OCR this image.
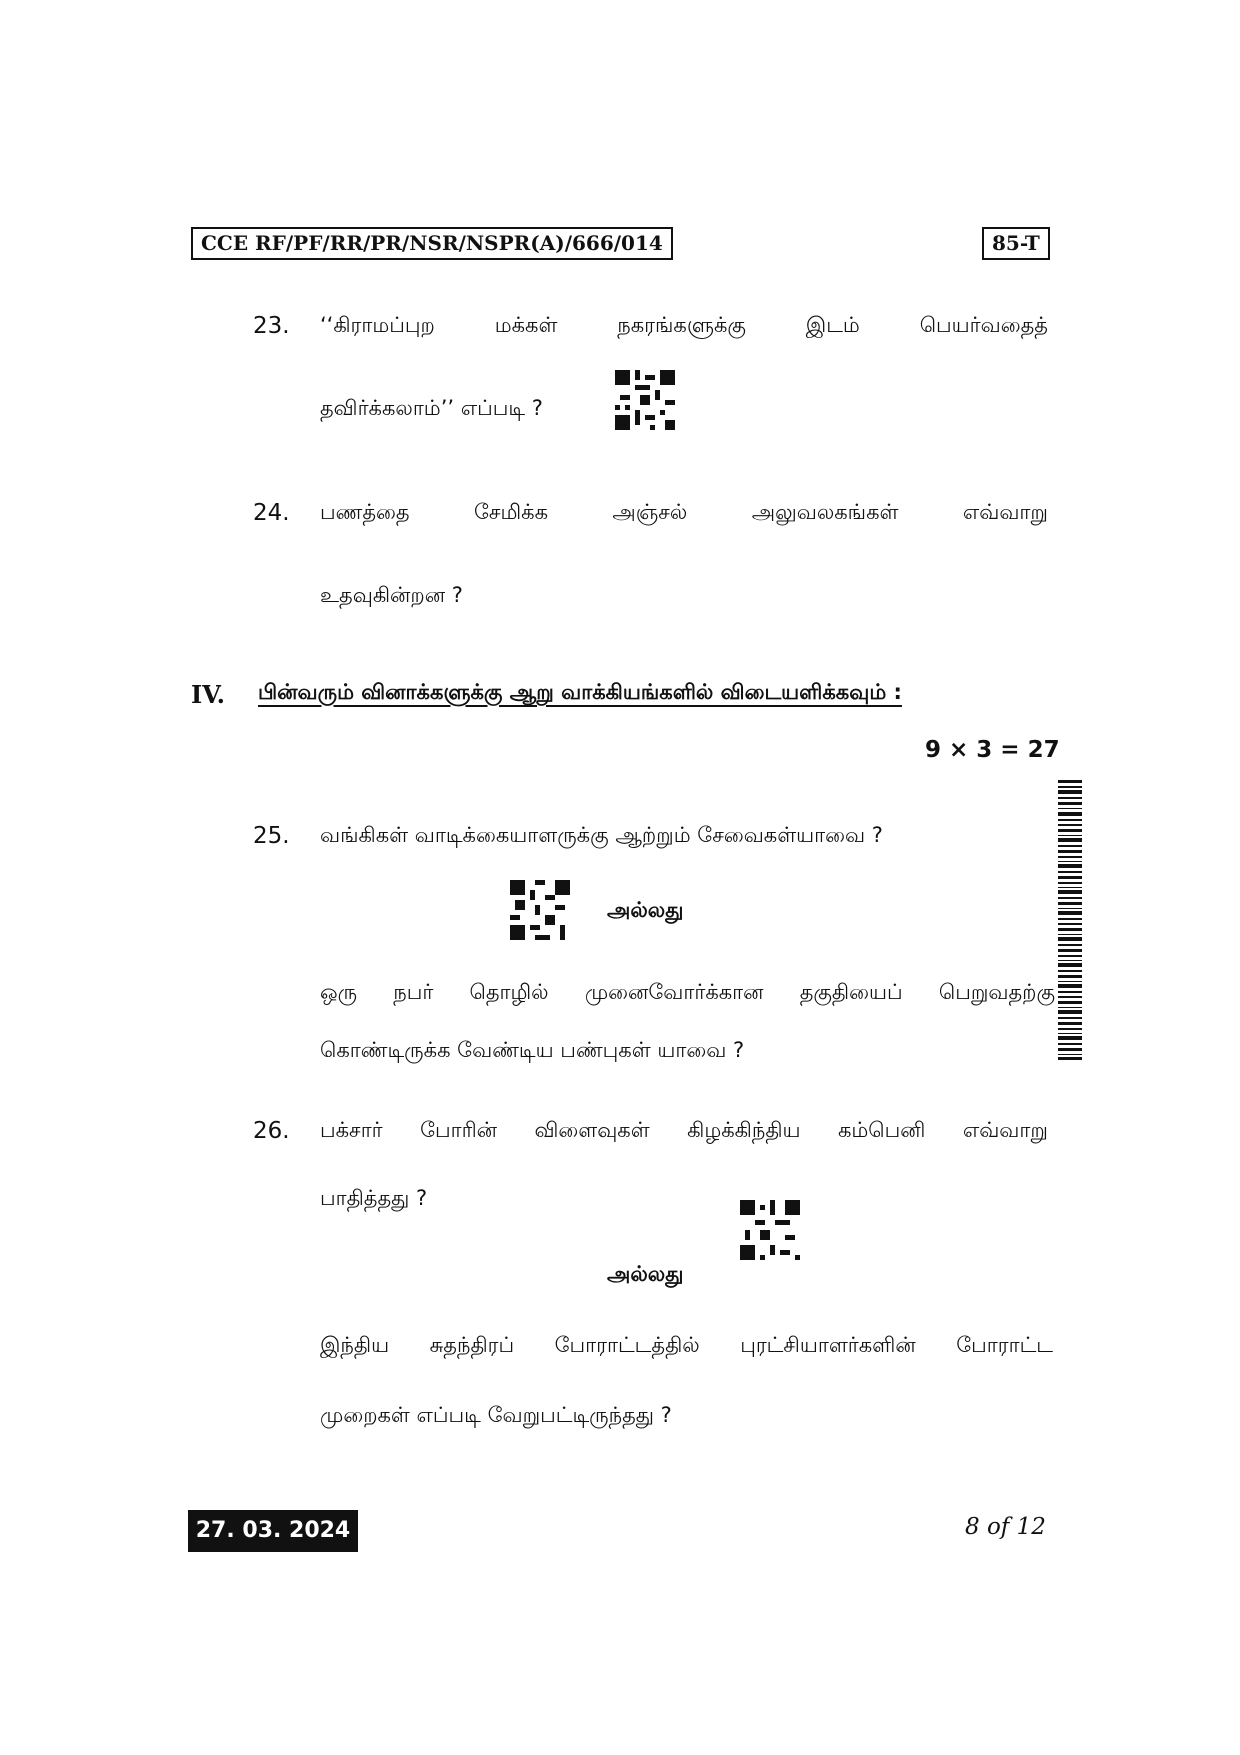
CCE RF/PF/RR/PR/NSR/NSPR(A)/666/014	85-T
23. ‘‘கிராமப்புற	மக்கள்	நகரங்களுக்கு	இடம்	பெயர்வதைத்
தவிர்க்கலாம்’’ எப்படி ?
24. பணத்தை	சேமிக்க	அஞ்சல்	அலுவலகங்கள்	எவ்வாறு
உதவுகின்றன ?
IV. பின்வரும் வினாக்களுக்கு ஆறு வாக்கியங்களில் விடையளிக்கவும் :
9 × 3 = 27
25. வங்கிகள் வாடிக்கையாளருக்கு ஆற்றும் சேவைகள்யாவை ?
அல்லது
ஒரு நபர் தொழில் முனைவோர்க்கான தகுதியைப் பெறுவதற்கு
கொண்டிருக்க வேண்டிய பண்புகள் யாவை ?
26. பக்சார் போரின் விளைவுகள் கிழக்கிந்திய கம்பெனி எவ்வாறு
பாதித்தது ?
அல்லது
இந்திய சுதந்திரப் போராட்டத்தில் புரட்சியாளர்களின் போராட்ட
முறைகள் எப்படி வேறுபட்டிருந்தது ?
27. 03. 2024	8 of 12
